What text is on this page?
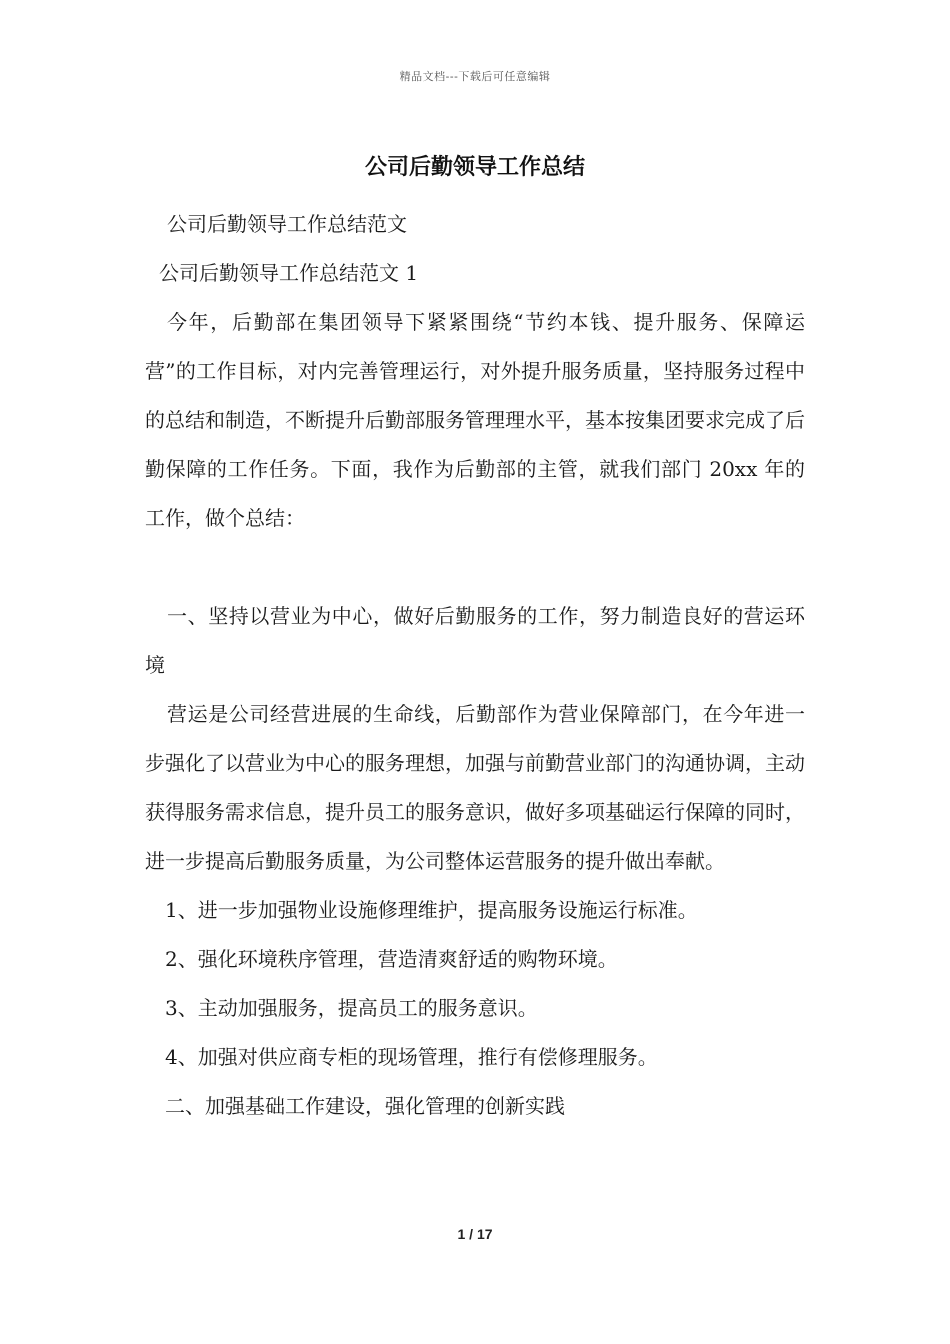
精品文档---下载后可任意编辑
公司后勤领导工作总结

公司后勤领导工作总结范文

公司后勤领导工作总结范文 1

今年，后勤部在集团领导下紧紧围绕“节约本钱、提升服务、保障运营”的工作目标，对内完善管理运行，对外提升服务质量，坚持服务过程中的总结和制造，不断提升后勤部服务管理理水平，基本按集团要求完成了后勤保障的工作任务。下面，我作为后勤部的主管，就我们部门 20xx 年的工作，做个总结：

一、坚持以营业为中心，做好后勤服务的工作，努力制造良好的营运环境

营运是公司经营进展的生命线，后勤部作为营业保障部门，在今年进一步强化了以营业为中心的服务理想，加强与前勤营业部门的沟通协调，主动获得服务需求信息，提升员工的服务意识，做好多项基础运行保障的同时，进一步提高后勤服务质量，为公司整体运营服务的提升做出奉献。

1、进一步加强物业设施修理维护，提高服务设施运行标准。

2、强化环境秩序管理，营造清爽舒适的购物环境。

3、主动加强服务，提高员工的服务意识。

4、加强对供应商专柜的现场管理，推行有偿修理服务。

二、加强基础工作建设，强化管理的创新实践

1 / 17
